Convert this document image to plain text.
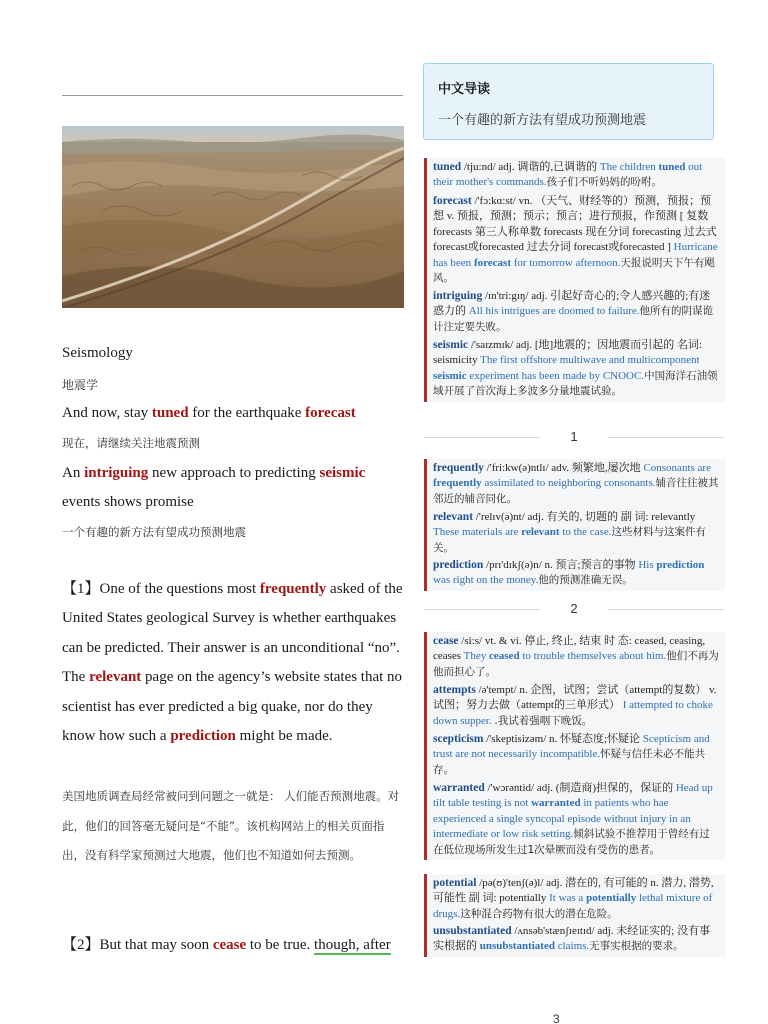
Seismology
地震学
And now, stay tuned for the earthquake forecast
现在，请继续关注地震预测
An intriguing new approach to predicting seismic
events shows promise
一个有趣的新方法有望成功预测地震
【1】One of the questions most frequently asked of the United States geological Survey is whether earthquakes can be predicted. Their answer is an unconditional “no”. The relevant page on the agency’s website states that no scientist has ever predicted a big quake, nor do they know how such a prediction might be made.
美国地质调查局经常被问到问题之一就是： 人们能否预测地震。对此，他们的回答毫无疑问是“不能”。该机构网站上的相关页面指出，没有科学家预测过大地震，他们也不知道如何去预测。
【2】But that may soon cease to be true. though, after
中文导读
一个有趣的新方法有望成功预测地震
tuned /tju:nd/ adj. 调谐的,已调谐的 The children tuned out their mother's commands.孩子们不听妈妈的吩咐。
forecast /'fɔ:kɑ:st/ vn. （天气、财经等的）预测，预报；预想 v. 预报，预测；预示；预言；进行预报，作预测 [ 复数 forecasts 第三人称单数 forecasts 现在分词 forecasting 过去式 forecast或forecasted 过去分词 forecast或forecasted ] Hurricane has been forecast for tomorrow afternoon.天报说明天下午有飓风。
intriguing /ɪn'tri:gɪŋ/ adj. 引起好奇心的;令人感兴趣的;有迷惑力的 All his intrigues are doomed to failure.他所有的阴谋诡计注定要失败。
seismic /'saɪzmɪk/ adj. [地]地震的；因地震而引起的 名词: seismicity The first offshore multiwave and multicomponent seismic experiment has been made by CNOOC.中国海洋石油领域开展了首次海上多波多分量地震试验。
1
frequently /'fri:kw(ə)ntlɪ/ adv. 频繁地,屡次地 Consonants are frequently assimilated to neighboring consonants.辅音往往被其邻近的辅音同化。
relevant /'relɪv(ə)nt/ adj. 有关的, 切题的 副 词: relevantly These materials are relevant to the case.这些材料与这案件有关。
prediction /prɪ'dɪkʃ(ə)n/ n. 预言;预言的事物 His prediction was right on the money.他的预测准确无误。
2
cease /si:s/ vt. & vi. 停止, 终止, 结束 时 态: ceased, ceasing, ceases They ceased to trouble themselves about him.他们不再为他而担心了。
attempts /ə'tempt/ n. 企图，试图；尝试（attempt的复数） v. 试图；努力去做（attempt的三单形式） I attempted to choke down supper. .我试着强咽下晚饭。
scepticism /'skeptisizəm/ n. 怀疑态度;怀疑论 Scepticism and trust are not necessarily incompatible.怀疑与信任未必不能共存。
warranted /'wɔrəntid/ adj. (制造商)担保的，保证的 Head up tilt table testing is not warranted in patients who hae experienced a single syncopal episode without injury in an intermediate or low risk setting.倾斜试验不推荐用于曾经有过在低位现场所发生过1次晕厥而没有受伤的患者。
potential /pə(ʊ)'tenʃ(ə)l/ adj. 潜在的, 有可能的 n. 潜力, 潜势, 可能性 副 词: potentially It was a potentially lethal mixture of drugs.这种混合药物有很大的潜在危险。
unsubstantiated /ʌnsəb'stænʃɪeɪtɪd/ adj. 未经证实的; 没有事实根据的 unsubstantiated claims.无事实根据的要求。
3
